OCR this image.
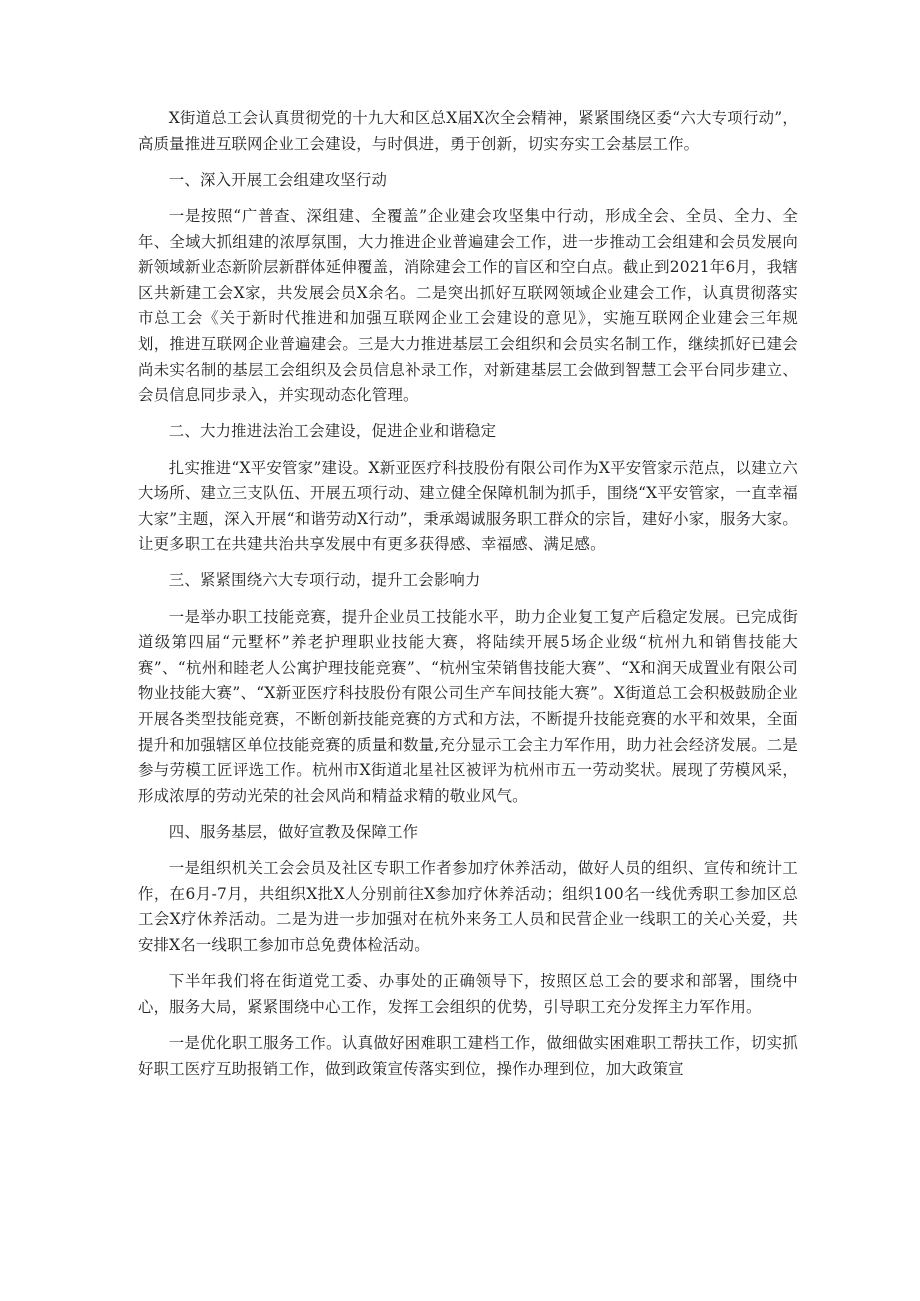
X街道总工会认真贯彻党的十九大和区总X届X次全会精神，紧紧围绕区委“六大专项行动”，高质量推进互联网企业工会建设，与时俱进，勇于创新，切实夯实工会基层工作。

一、深入开展工会组建攻坚行动

一是按照“广普查、深组建、全覆盖”企业建会攻坚集中行动，形成全会、全员、全力、全年、全域大抓组建的浓厚氛围，大力推进企业普遍建会工作，进一步推动工会组建和会员发展向新领域新业态新阶层新群体延伸覆盖，消除建会工作的盲区和空白点。截止到2021年6月，我辖区共新建工会X家，共发展会员X余名。二是突出抓好互联网领域企业建会工作，认真贯彻落实市总工会《关于新时代推进和加强互联网企业工会建设的意见》，实施互联网企业建会三年规划，推进互联网企业普遍建会。三是大力推进基层工会组织和会员实名制工作，继续抓好已建会尚未实名制的基层工会组织及会员信息补录工作，对新建基层工会做到智慧工会平台同步建立、会员信息同步录入，并实现动态化管理。

二、大力推进法治工会建设，促进企业和谐稳定

扎实推进“X平安管家”建设。X新亚医疗科技股份有限公司作为X平安管家示范点，以建立六大场所、建立三支队伍、开展五项行动、建立健全保障机制为抓手，围绕“X平安管家，一直幸福大家”主题，深入开展“和谐劳动X行动”，秉承竭诚服务职工群众的宗旨，建好小家，服务大家。让更多职工在共建共治共享发展中有更多获得感、幸福感、满足感。

三、紧紧围绕六大专项行动，提升工会影响力

一是举办职工技能竞赛，提升企业员工技能水平，助力企业复工复产后稳定发展。已完成街道级第四届“元墅杯”养老护理职业技能大赛，将陆续开展5场企业级“杭州九和销售技能大赛”、“杭州和睦老人公寓护理技能竞赛”、“杭州宝荣销售技能大赛”、“X和润天成置业有限公司物业技能大赛”、“X新亚医疗科技股份有限公司生产车间技能大赛”。X街道总工会积极鼓励企业开展各类型技能竞赛，不断创新技能竞赛的方式和方法，不断提升技能竞赛的水平和效果，全面提升和加强辖区单位技能竞赛的质量和数量,充分显示工会主力军作用，助力社会经济发展。二是参与劳模工匠评选工作。杭州市X街道北星社区被评为杭州市五一劳动奖状。展现了劳模风采，形成浓厚的劳动光荣的社会风尚和精益求精的敬业风气。

四、服务基层，做好宣教及保障工作

一是组织机关工会会员及社区专职工作者参加疗休养活动，做好人员的组织、宣传和统计工作，在6月-7月，共组织X批X人分别前往X参加疗休养活动；组织100名一线优秀职工参加区总工会X疗休养活动。二是为进一步加强对在杭外来务工人员和民营企业一线职工的关心关爱，共安排X名一线职工参加市总免费体检活动。

下半年我们将在街道党工委、办事处的正确领导下，按照区总工会的要求和部署，围绕中心，服务大局，紧紧围绕中心工作，发挥工会组织的优势，引导职工充分发挥主力军作用。

一是优化职工服务工作。认真做好困难职工建档工作，做细做实困难职工帮扶工作，切实抓好职工医疗互助报销工作，做到政策宣传落实到位，操作办理到位，加大政策宣
